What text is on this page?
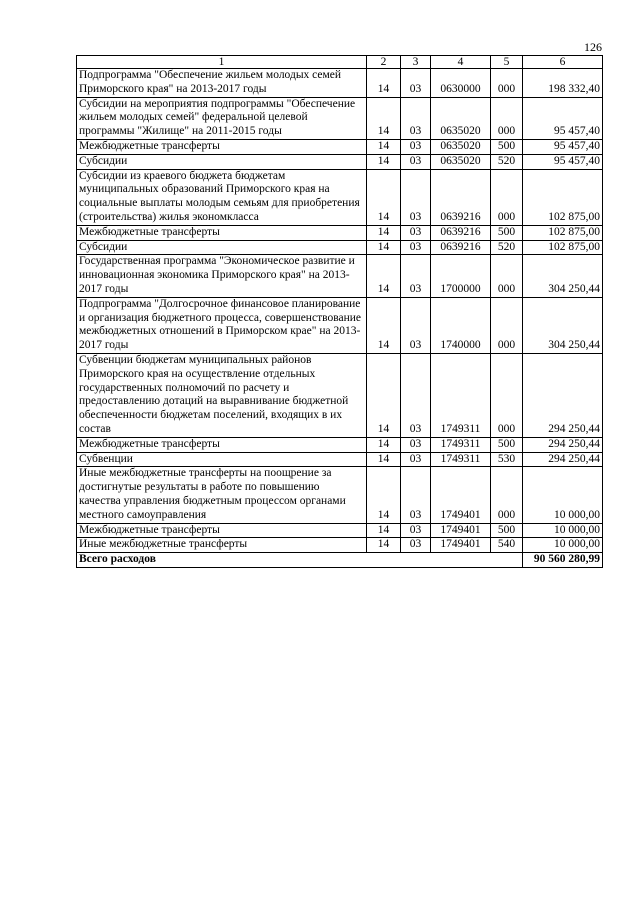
126
1	2	3	4	5	6
Подпрограмма "Обеспечение жильем молодых семей Приморского края" на 2013-2017 годы	14	03	0630000	000	198 332,40
Субсидии на мероприятия подпрограммы "Обеспечение жильем молодых семей" федеральной целевой программы "Жилище" на 2011-2015 годы	14	03	0635020	000	95 457,40
Межбюджетные трансферты	14	03	0635020	500	95 457,40
Субсидии	14	03	0635020	520	95 457,40
Субсидии из краевого бюджета бюджетам муниципальных образований Приморского края на социальные выплаты молодым семьям для приобретения (строительства) жилья экономкласса	14	03	0639216	000	102 875,00
Межбюджетные трансферты	14	03	0639216	500	102 875,00
Субсидии	14	03	0639216	520	102 875,00
Государственная программа "Экономическое развитие и инновационная экономика Приморского края" на 2013-2017 годы	14	03	1700000	000	304 250,44
Подпрограмма "Долгосрочное финансовое планирование и организация бюджетного процесса, совершенствование межбюджетных отношений в Приморском крае" на 2013-2017 годы	14	03	1740000	000	304 250,44
Субвенции бюджетам муниципальных районов Приморского края на осуществление отдельных государственных полномочий по расчету и предоставлению дотаций на выравнивание бюджетной обеспеченности бюджетам поселений, входящих в их состав	14	03	1749311	000	294 250,44
Межбюджетные трансферты	14	03	1749311	500	294 250,44
Субвенции	14	03	1749311	530	294 250,44
Иные межбюджетные трансферты на поощрение за достигнутые результаты в работе по повышению качества управления бюджетным процессом органами местного самоуправления	14	03	1749401	000	10 000,00
Межбюджетные трансферты	14	03	1749401	500	10 000,00
Иные межбюджетные трансферты	14	03	1749401	540	10 000,00
Всего расходов					90 560 280,99
